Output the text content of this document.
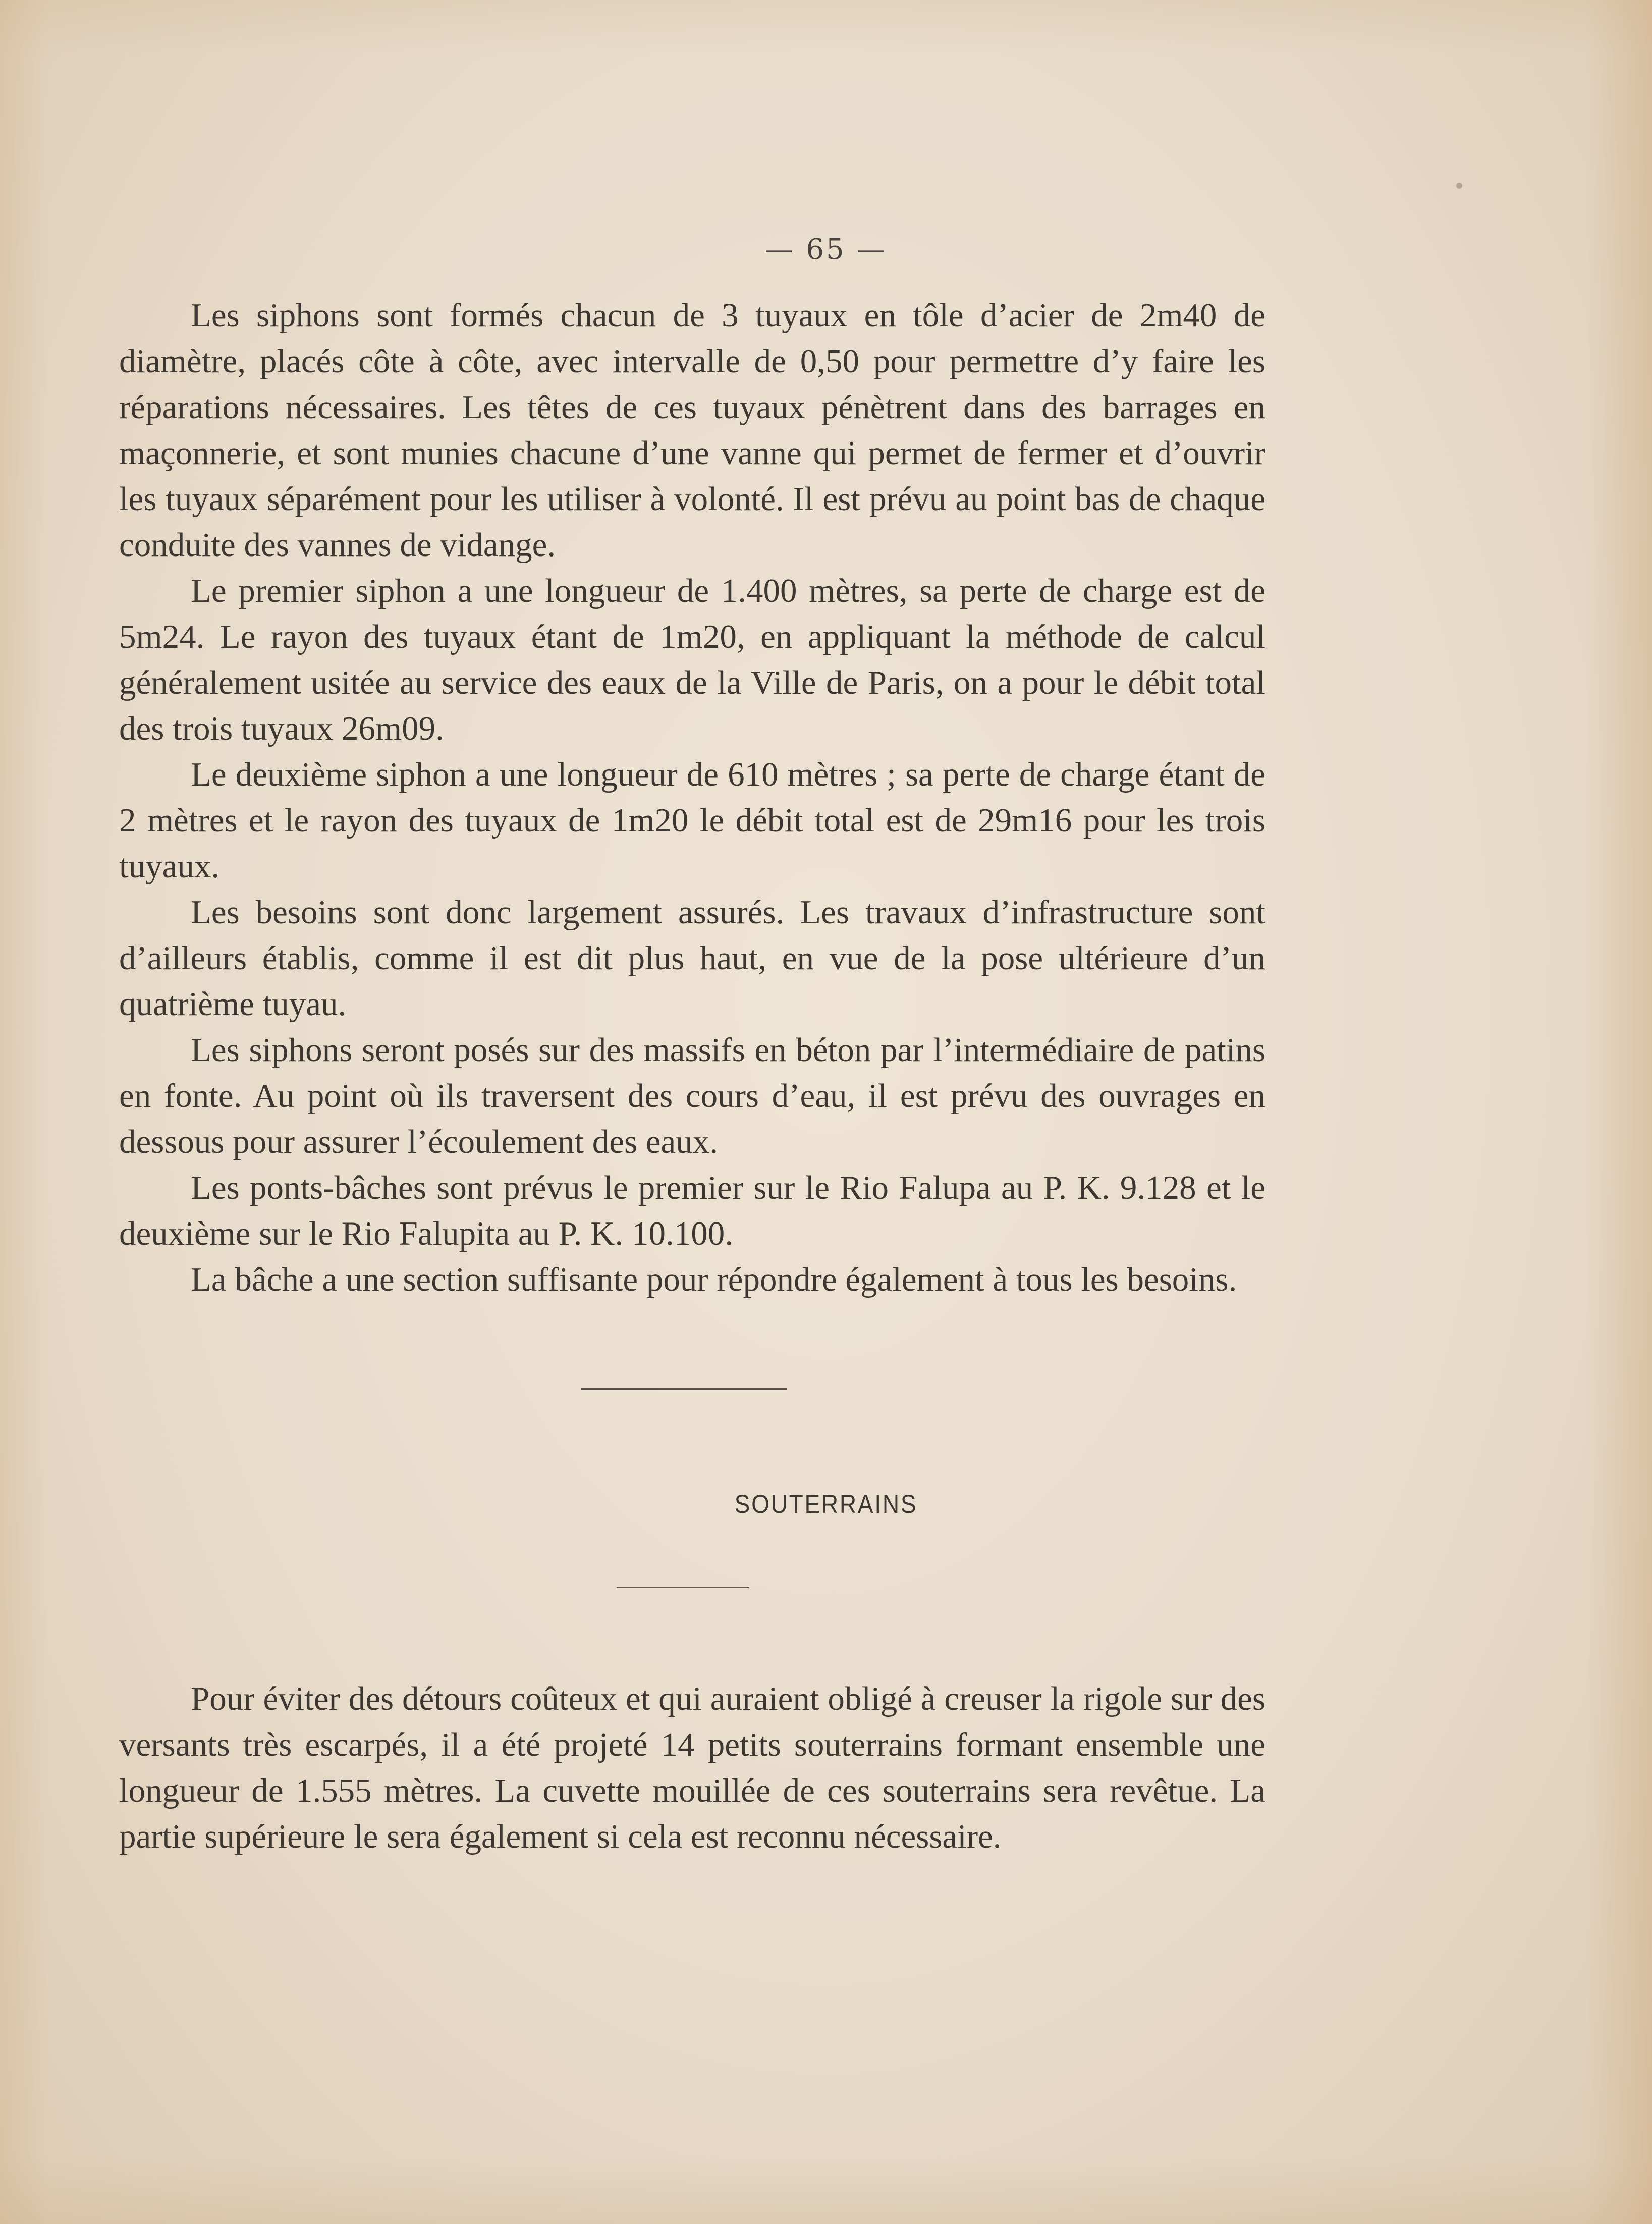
— 65 —

Les siphons sont formés chacun de 3 tuyaux en tôle d’acier de 2m40 de diamètre, placés côte à côte, avec intervalle de 0,50 pour permettre d’y faire les réparations nécessaires. Les têtes de ces tuyaux pénètrent dans des barrages en maçonnerie, et sont munies chacune d’une vanne qui permet de fermer et d’ouvrir les tuyaux séparément pour les utiliser à volonté. Il est prévu au point bas de chaque conduite des vannes de vidange.

Le premier siphon a une longueur de 1.400 mètres, sa perte de charge est de 5m24. Le rayon des tuyaux étant de 1m20, en appliquant la méthode de calcul généralement usitée au service des eaux de la Ville de Paris, on a pour le débit total des trois tuyaux 26m09.

Le deuxième siphon a une longueur de 610 mètres ; sa perte de charge étant de 2 mètres et le rayon des tuyaux de 1m20 le débit total est de 29m16 pour les trois tuyaux.

Les besoins sont donc largement assurés. Les travaux d’infrastructure sont d’ailleurs établis, comme il est dit plus haut, en vue de la pose ultérieure d’un quatrième tuyau.

Les siphons seront posés sur des massifs en béton par l’intermédiaire de patins en fonte. Au point où ils traversent des cours d’eau, il est prévu des ouvrages en dessous pour assurer l’écoulement des eaux.

Les ponts-bâches sont prévus le premier sur le Rio Falupa au P. K. 9.128 et le deuxième sur le Rio Falupita au P. K. 10.100.

La bâche a une section suffisante pour répondre également à tous les besoins.

SOUTERRAINS

Pour éviter des détours coûteux et qui auraient obligé à creuser la rigole sur des versants très escarpés, il a été projeté 14 petits souterrains formant ensemble une longueur de 1.555 mètres. La cuvette mouillée de ces souterrains sera revêtue. La partie supérieure le sera également si cela est reconnu nécessaire.
